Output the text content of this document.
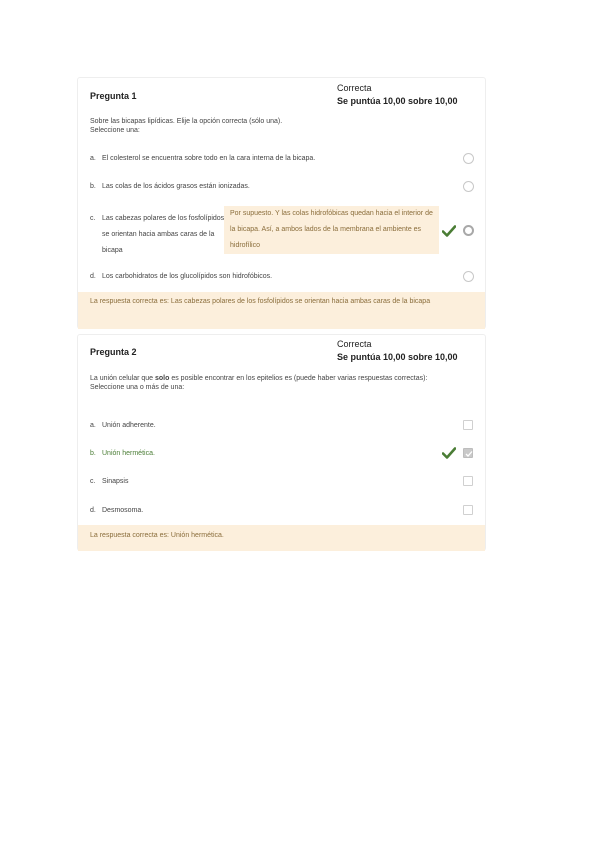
Pregunta 1
Correcta
Se puntúa 10,00 sobre 10,00
Sobre las bicapas lipídicas. Elije la opción correcta (sólo una).
Seleccione una:
a. El colesterol se encuentra sobre todo en la cara interna de la bicapa.
b. Las colas de los ácidos grasos están ionizadas.
c. Las cabezas polares de los fosfolípidos se orientan hacia ambas caras de la bicapa
Por supuesto. Y las colas hidrofóbicas quedan hacia el interior de la bicapa. Así, a ambos lados de la membrana el ambiente es hidrofílico
d. Los carbohidratos de los glucolípidos son hidrofóbicos.
La respuesta correcta es: Las cabezas polares de los fosfolípidos se orientan hacia ambas caras de la bicapa
Pregunta 2
Correcta
Se puntúa 10,00 sobre 10,00
La unión celular que solo es posible encontrar en los epitelios es (puede haber varias respuestas correctas):
Seleccione una o más de una:
a. Unión adherente.
b. Unión hermética.
c. Sinapsis
d. Desmosoma.
La respuesta correcta es: Unión hermética.
